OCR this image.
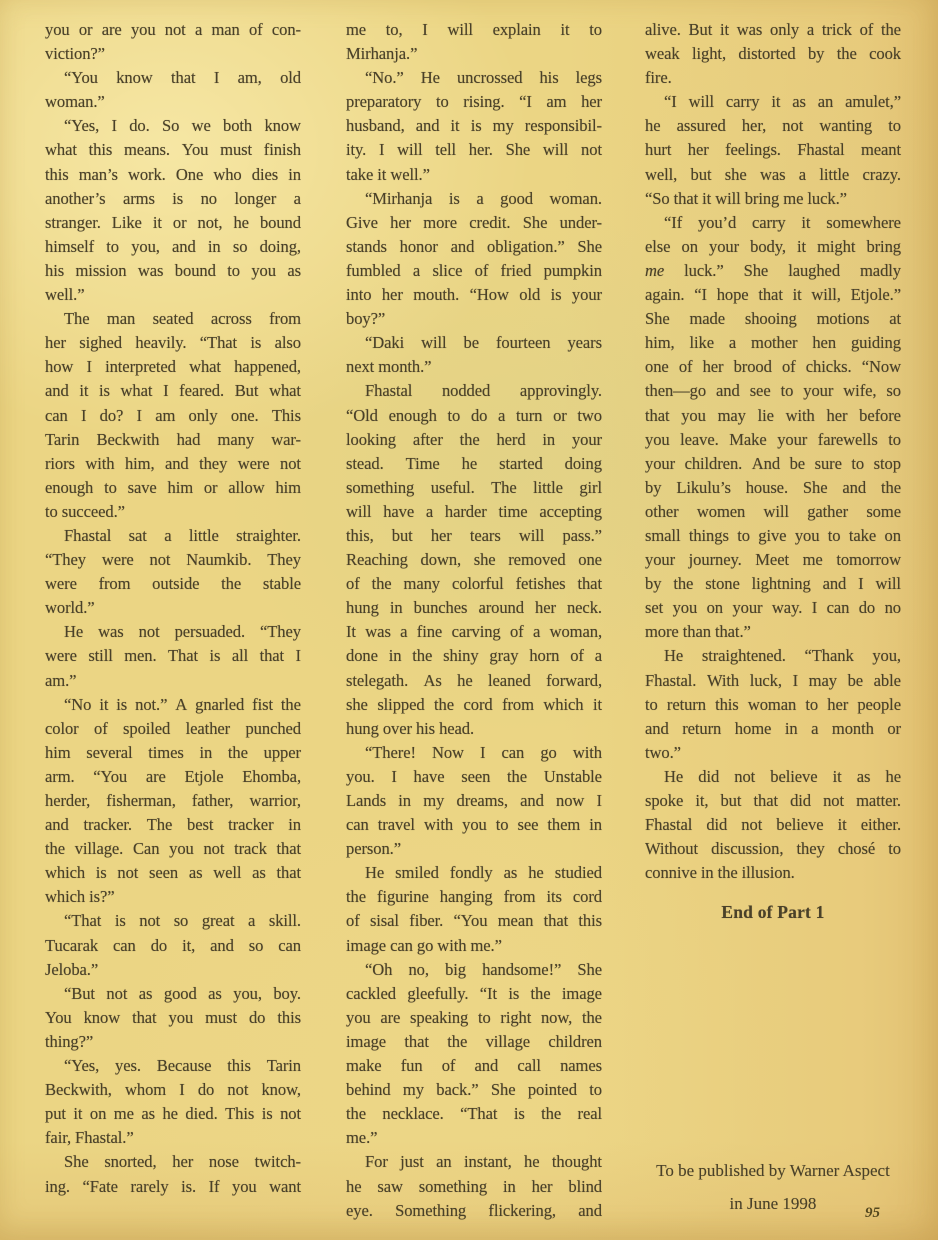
you or are you not a man of con-
viction?”
“You know that I am, old
woman.”
“Yes, I do. So we both know
what this means. You must finish
this man’s work. One who dies in
another’s arms is no longer a
stranger. Like it or not, he bound
himself to you, and in so doing,
his mission was bound to you as
well.”
The man seated across from
her sighed heavily. “That is also
how I interpreted what happened,
and it is what I feared. But what
can I do? I am only one. This
Tarin Beckwith had many war-
riors with him, and they were not
enough to save him or allow him
to succeed.”
Fhastal sat a little straighter.
“They were not Naumkib. They
were from outside the stable
world.”
He was not persuaded. “They
were still men. That is all that I
am.”
“No it is not.” A gnarled fist the
color of spoiled leather punched
him several times in the upper
arm. “You are Etjole Ehomba,
herder, fisherman, father, warrior,
and tracker. The best tracker in
the village. Can you not track that
which is not seen as well as that
which is?”
“That is not so great a skill.
Tucarak can do it, and so can
Jeloba.”
“But not as good as you, boy.
You know that you must do this
thing?”
“Yes, yes. Because this Tarin
Beckwith, whom I do not know,
put it on me as he died. This is not
fair, Fhastal.”
She snorted, her nose twitch-
ing. “Fate rarely is. If you want
me to, I will explain it to
Mirhanja.”
“No.” He uncrossed his legs
preparatory to rising. “I am her
husband, and it is my responsibil-
ity. I will tell her. She will not
take it well.”
“Mirhanja is a good woman.
Give her more credit. She under-
stands honor and obligation.” She
fumbled a slice of fried pumpkin
into her mouth. “How old is your
boy?”
“Daki will be fourteen years
next month.”
Fhastal nodded approvingly.
“Old enough to do a turn or two
looking after the herd in your
stead. Time he started doing
something useful. The little girl
will have a harder time accepting
this, but her tears will pass.”
Reaching down, she removed one
of the many colorful fetishes that
hung in bunches around her neck.
It was a fine carving of a woman,
done in the shiny gray horn of a
stelegath. As he leaned forward,
she slipped the cord from which it
hung over his head.
“There! Now I can go with
you. I have seen the Unstable
Lands in my dreams, and now I
can travel with you to see them in
person.”
He smiled fondly as he studied
the figurine hanging from its cord
of sisal fiber. “You mean that this
image can go with me.”
“Oh no, big handsome!” She
cackled gleefully. “It is the image
you are speaking to right now, the
image that the village children
make fun of and call names
behind my back.” She pointed to
the necklace. “That is the real
me.”
For just an instant, he thought
he saw something in her blind
eye. Something flickering, and
alive. But it was only a trick of the
weak light, distorted by the cook
fire.
“I will carry it as an amulet,”
he assured her, not wanting to
hurt her feelings. Fhastal meant
well, but she was a little crazy.
“So that it will bring me luck.”
“If you’d carry it somewhere
else on your body, it might bring
me luck.” She laughed madly
again. “I hope that it will, Etjole.”
She made shooing motions at
him, like a mother hen guiding
one of her brood of chicks. “Now
then—go and see to your wife, so
that you may lie with her before
you leave. Make your farewells to
your children. And be sure to stop
by Likulu’s house. She and the
other women will gather some
small things to give you to take on
your journey. Meet me tomorrow
by the stone lightning and I will
set you on your way. I can do no
more than that.”
He straightened. “Thank you,
Fhastal. With luck, I may be able
to return this woman to her people
and return home in a month or
two.”
He did not believe it as he
spoke it, but that did not matter.
Fhastal did not believe it either.
Without discussion, they chosé to
connive in the illusion.
End of Part 1
To be published by Warner Aspect
in June 1998	95
